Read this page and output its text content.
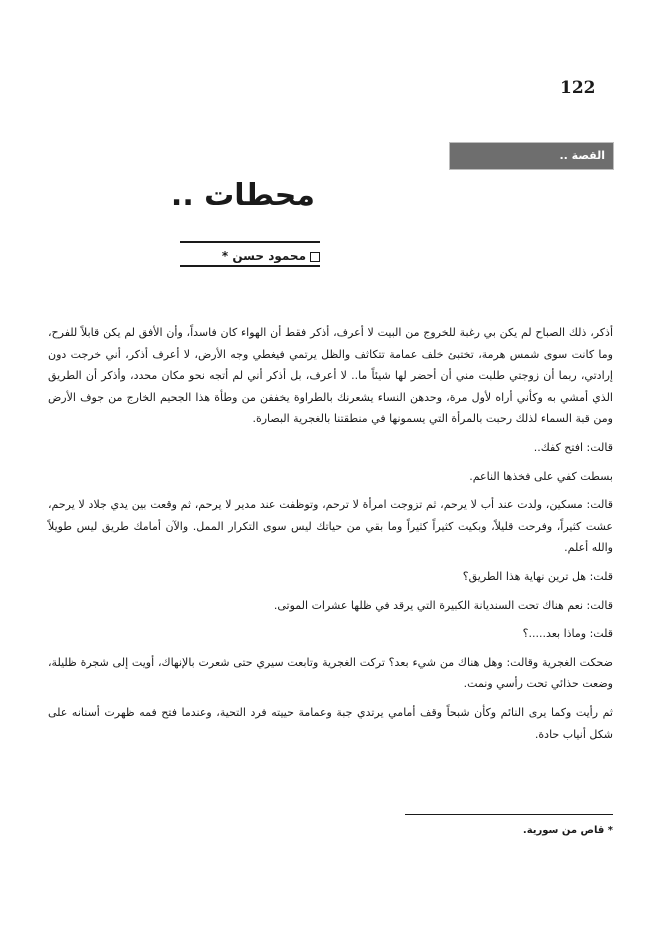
122
القصة ..
محطات ..
محمود حسن *

أذكر، ذلك الصباح لم يكن بي رغبة للخروج من البيت لا أعرف، أذكر فقط أن الهواء كان فاسداً، وأن الأفق لم يكن قابلاً للفرح، وما كانت سوى شمس هرمة، تختبئ خلف عمامة تتكاثف والظل يرتمي فيغطي وجه الأرض، لا أعرف أذكر، أني خرجت دون إرادتي، ربما أن زوجتي طلبت مني أن أحضر لها شيئاً ما.. لا أعرف، بل أذكر أني لم أتجه نحو مكان محدد، وأذكر أن الطريق الذي أمشي به وكأني أراه لأول مرة، وحدهن النساء يشعرنك بالطراوة يخففن من وطأة هذا الجحيم الخارج من جوف الأرض ومن قبة السماء لذلك رحبت بالمرأة التي يسمونها في منطقتنا بالغجرية البصارة.

قالت: افتح كفك..

بسطت كفي على فخذها الناعم.

قالت: مسكين، ولدت عند أب لا يرحم، ثم تزوجت امرأة لا ترحم، وتوظفت عند مدير لا يرحم، ثم وقعت بين يدي جلاد لا يرحم، عشت كثيراً، وفرحت قليلاً، وبكيت كثيراً كثيراً وما بقي من حياتك ليس سوى التكرار الممل. والآن أمامك طريق ليس طويلاً والله أعلم.

قلت: هل ترين نهاية هذا الطريق؟

قالت: نعم هناك تحت السنديانة الكبيرة التي يرقد في ظلها عشرات الموتى.

قلت: وماذا بعد.....؟

ضحكت الغجرية وقالت: وهل هناك من شيء بعد؟ تركت الغجرية وتابعت سيري حتى شعرت بالإنهاك، أويت إلى شجرة ظليلة، وضعت حذائي تحت رأسي ونمت.

ثم رأيت وكما يرى النائم وكأن شبحاً وقف أمامي يرتدي جبة وعمامة حييته فرد التحية، وعندما فتح فمه ظهرت أسنانه على شكل أنياب حادة.

* قاص من سورية.
